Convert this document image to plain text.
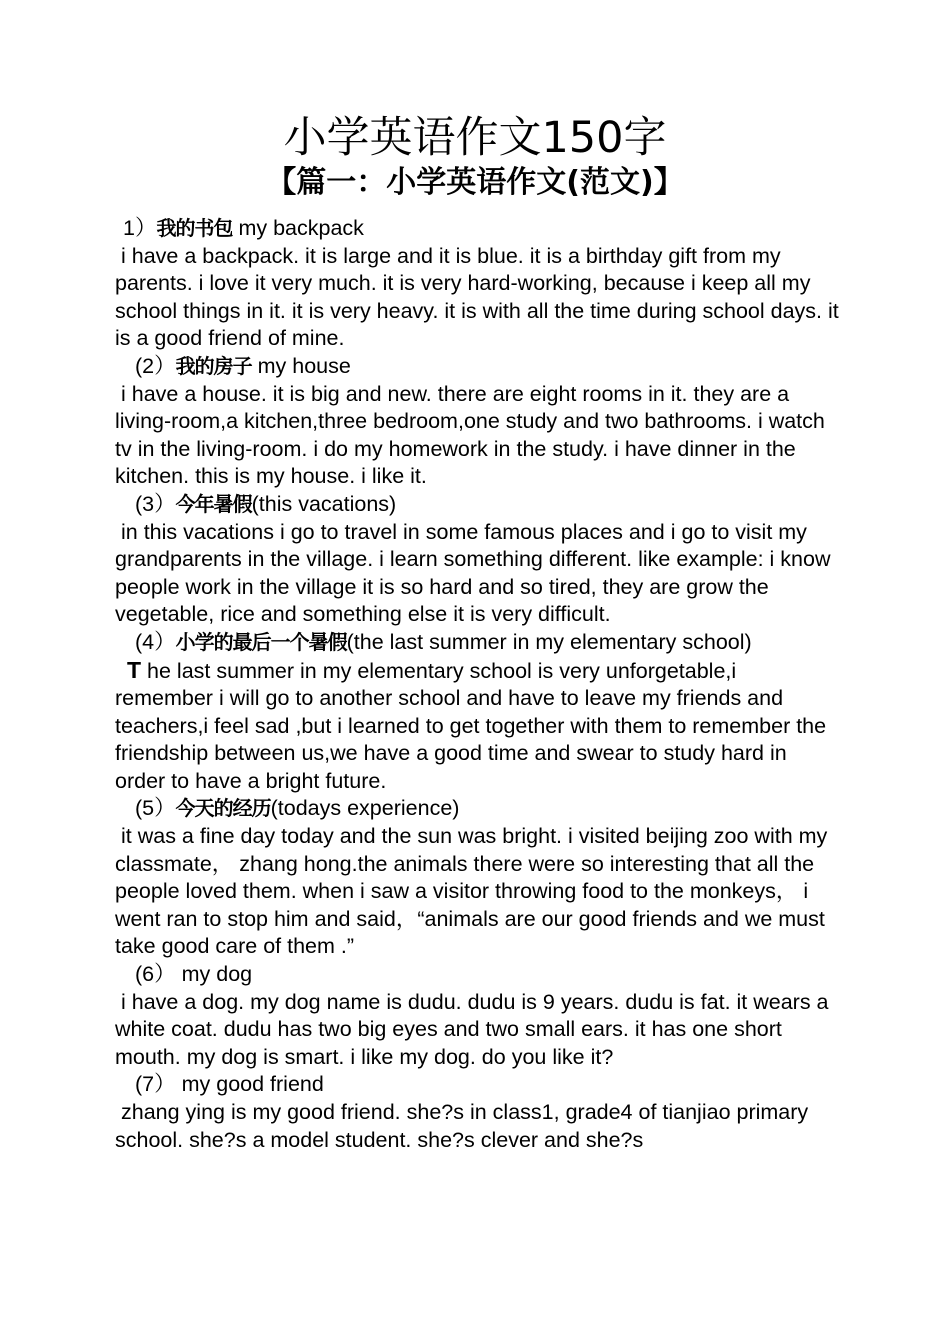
小学英语作文150字
【篇一：小学英语作文(范文)】
1）我的书包 my backpack

i have a backpack. it is large and it is blue. it is a birthday gift from my parents. i love it very much. it is very hard-working, because i keep all my school things in it. it is very heavy. it is with all the time during school days. it is a good friend of mine.

(2）我的房子 my house

i have a house. it is big and new. there are eight rooms in it. they are a living-room,a kitchen,three bedroom,one study and two bathrooms. i watch tv in the living-room. i do my homework in the study. i have dinner in the kitchen. this is my house. i like it.

(3）今年暑假(this vacations)

in this vacations i go to travel in some famous places and i go to visit my grandparents in the village. i learn something different. like example: i know people work in the village it is so hard and so tired, they are grow the vegetable, rice and something else it is very difficult.

(4）小学的最后一个暑假(the last summer in my elementary school)

T he last summer in my elementary school is very unforgetable,i remember i will go to another school and have to leave my friends and teachers,i feel sad ,but i learned to get together with them to remember the friendship between us,we have a good time and swear to study hard in order to have a bright future.

(5）今天的经历(todays experience)

it was a fine day today and the sun was bright. i visited beijing zoo with my classmate， zhang hong.the animals there were so interesting that all the people loved them. when i saw a visitor throwing food to the monkeys， i went ran to stop him and said，“animals are our good friends and we must take good care of them .”

(6） my dog

i have a dog. my dog name is dudu. dudu is 9 years. dudu is fat. it wears a white coat. dudu has two big eyes and two small ears. it has one short mouth. my dog is smart. i like my dog. do you like it?

(7） my good friend

zhang ying is my good friend. she?s in class1, grade4 of tianjiao primary school. she?s a model student. she?s clever and she?s
